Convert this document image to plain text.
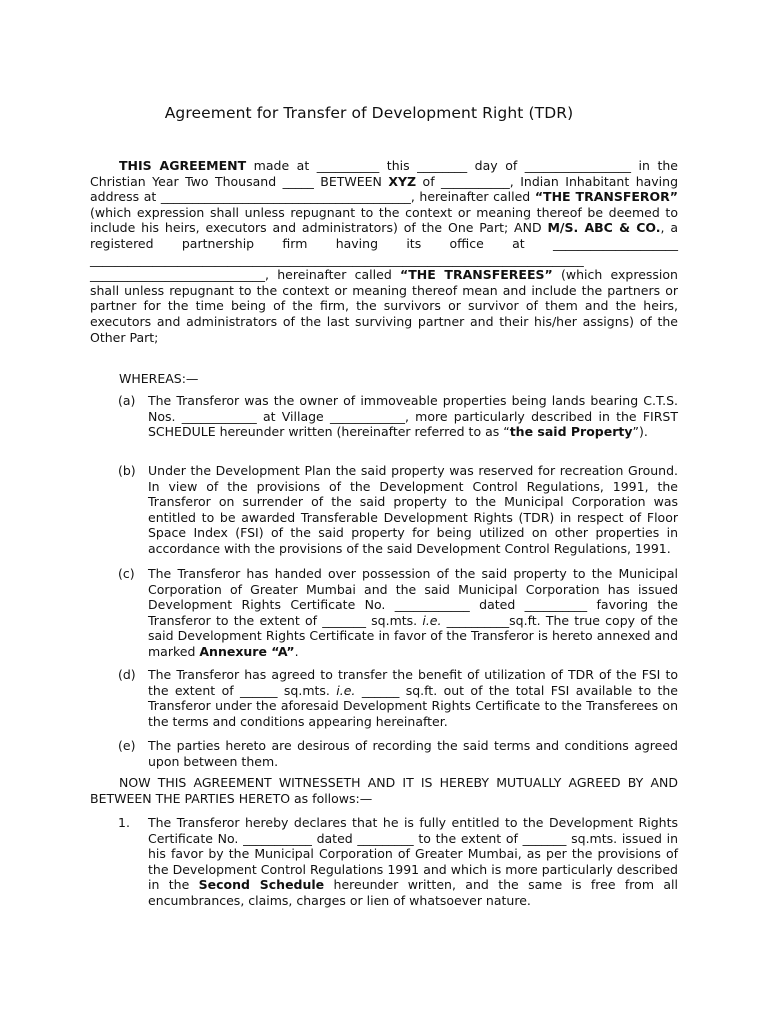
Agreement for Transfer of Development Right (TDR)
THIS AGREEMENT made at __________ this ________ day of _________________ in the Christian Year Two Thousand _____ BETWEEN XYZ of ___________, Indian Inhabitant having address at ________________________________________, hereinafter called “THE TRANSFEROR” (which expression shall unless repugnant to the context or meaning thereof be deemed to include his heirs, executors and administrators) of the One Part; AND M/S. ABC & CO., a registered partnership firm having its office at ____________________ _______________________________________________________________________________ ____________________________, hereinafter called “THE TRANSFEREES” (which expression shall unless repugnant to the context or meaning thereof mean and include the partners or partner for the time being of the firm, the survivors or survivor of them and the heirs, executors and administrators of the last surviving partner and their his/her assigns) of the Other Part;
WHEREAS:—
(a) The Transferor was the owner of immoveable properties being lands bearing C.T.S. Nos. ____________ at Village ____________, more particularly described in the FIRST SCHEDULE hereunder written (hereinafter referred to as “the said Property”).
(b) Under the Development Plan the said property was reserved for recreation Ground. In view of the provisions of the Development Control Regulations, 1991, the Transferor on surrender of the said property to the Municipal Corporation was entitled to be awarded Transferable Development Rights (TDR) in respect of Floor Space Index (FSI) of the said property for being utilized on other properties in accordance with the provisions of the said Development Control Regulations, 1991.
(c) The Transferor has handed over possession of the said property to the Municipal Corporation of Greater Mumbai and the said Municipal Corporation has issued Development Rights Certificate No. ____________ dated __________ favoring the Transferor to the extent of _______ sq.mts. i.e. __________sq.ft. The true copy of the said Development Rights Certificate in favor of the Transferor is hereto annexed and marked Annexure “A”.
(d) The Transferor has agreed to transfer the benefit of utilization of TDR of the FSI to the extent of ______ sq.mts. i.e. ______ sq.ft. out of the total FSI available to the Transferor under the aforesaid Development Rights Certificate to the Transferees on the terms and conditions appearing hereinafter.
(e) The parties hereto are desirous of recording the said terms and conditions agreed upon between them.
NOW THIS AGREEMENT WITNESSETH AND IT IS HEREBY MUTUALLY AGREED BY AND BETWEEN THE PARTIES HERETO as follows:—
1. The Transferor hereby declares that he is fully entitled to the Development Rights Certificate No. ___________ dated _________ to the extent of _______ sq.mts. issued in his favor by the Municipal Corporation of Greater Mumbai, as per the provisions of the Development Control Regulations 1991 and which is more particularly described in the Second Schedule hereunder written, and the same is free from all encumbrances, claims, charges or lien of whatsoever nature.
